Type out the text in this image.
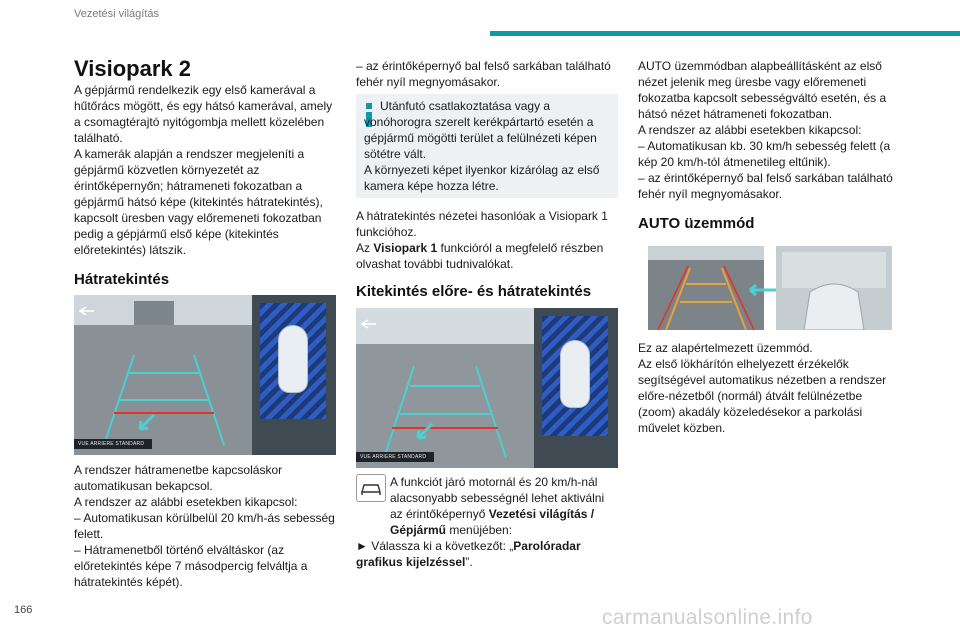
Vezetési világítás
Visiopark 2

A gépjármű rendelkezik egy első kamerával a hűtőrács mögött, és egy hátsó kamerával, amely a csomagtérajtó nyitógombja mellett közelében található.

A kamerák alapján a rendszer megjeleníti a gépjármű közvetlen környezetét az érintőképernyőn; hátrameneti fokozatban a gépjármű hátsó képe (kitekintés hátratekintés), kapcsolt üresben vagy előremeneti fokozatban pedig a gépjármű első képe (kitekintés előretekintés) látszik.

Hátratekintés
VUE ARRIERE STANDARD

A rendszer hátramenetbe kapcsoláskor automatikusan bekapcsol.

A rendszer az alábbi esetekben kikapcsol:

– Automatikusan körülbelül 20 km/h-ás sebesség felett.

– Hátramenetből történő elváltáskor (az előretekintés képe 7 másodpercig felváltja a hátratekintés képét).

– az érintőképernyő bal felső sarkában található fehér nyíl megnyomásakor.

Utánfutó csatlakoztatása vagy a vonóhorogra szerelt kerékpártartó esetén a gépjármű mögötti terület a felülnézeti képen sötétre vált.

A környezeti képet ilyenkor kizárólag az első kamera képe hozza létre.

A hátratekintés nézetei hasonlóak a Visiopark 1 funkcióhoz.

Az Visiopark 1 funkcióról a megfelelő részben olvashat további tudnivalókat.

Kitekintés előre- és hátratekintés
VUE ARRIERE STANDARD

A funkciót járó motornál és 20 km/h-nál alacsonyabb sebességnél lehet aktiválni az érintőképernyő Vezetési világítás / Gépjármű menüjében:

► Válassza ki a következőt: „Parolóradar grafikus kijelzéssel”.

AUTO üzemmódban alapbeállításként az első nézet jelenik meg üresbe vagy előremeneti fokozatba kapcsolt sebességváltó esetén, és a hátsó nézet hátrameneti fokozatban.

A rendszer az alábbi esetekben kikapcsol:

– Automatikusan kb. 30 km/h sebesség felett (a kép 20 km/h-tól átmenetileg eltűnik).

– az érintőképernyő bal felső sarkában található fehér nyíl megnyomásakor.

AUTO üzemmód

Ez az alapértelmezett üzemmód.

Az első lökhárítón elhelyezett érzékelők segítségével automatikus nézetben a rendszer előre-nézetből (normál) átvált felülnézetbe (zoom) akadály közeledésekor a parkolási művelet közben.

166	carmanualsonline.info
